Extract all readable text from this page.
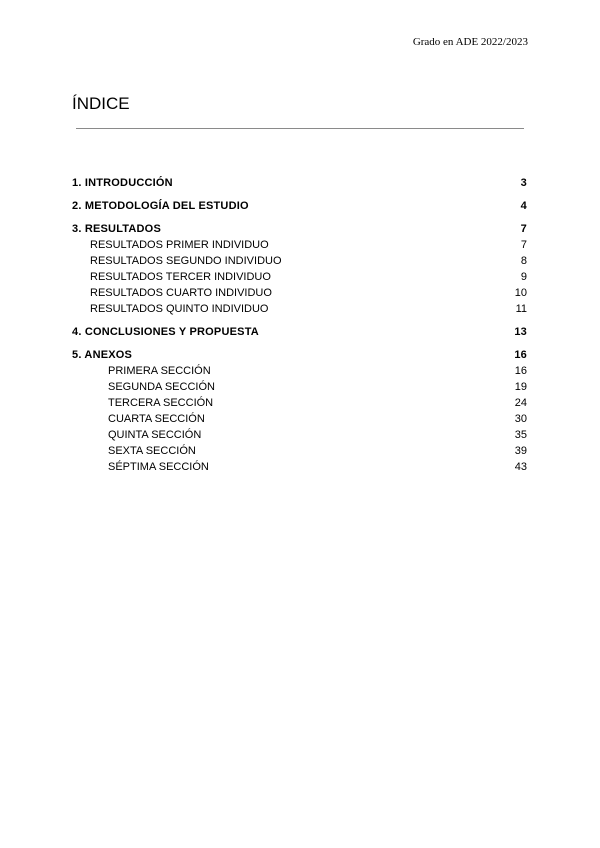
Grado en ADE 2022/2023
ÍNDICE
1. INTRODUCCIÓN	3
2. METODOLOGÍA DEL ESTUDIO	4
3. RESULTADOS	7
RESULTADOS PRIMER INDIVIDUO	7
RESULTADOS SEGUNDO INDIVIDUO	8
RESULTADOS TERCER INDIVIDUO	9
RESULTADOS CUARTO INDIVIDUO	10
RESULTADOS QUINTO INDIVIDUO	11
4. CONCLUSIONES Y PROPUESTA	13
5. ANEXOS	16
PRIMERA SECCIÓN	16
SEGUNDA SECCIÓN	19
TERCERA SECCIÓN	24
CUARTA SECCIÓN	30
QUINTA SECCIÓN	35
SEXTA SECCIÓN	39
SÉPTIMA SECCIÓN	43
